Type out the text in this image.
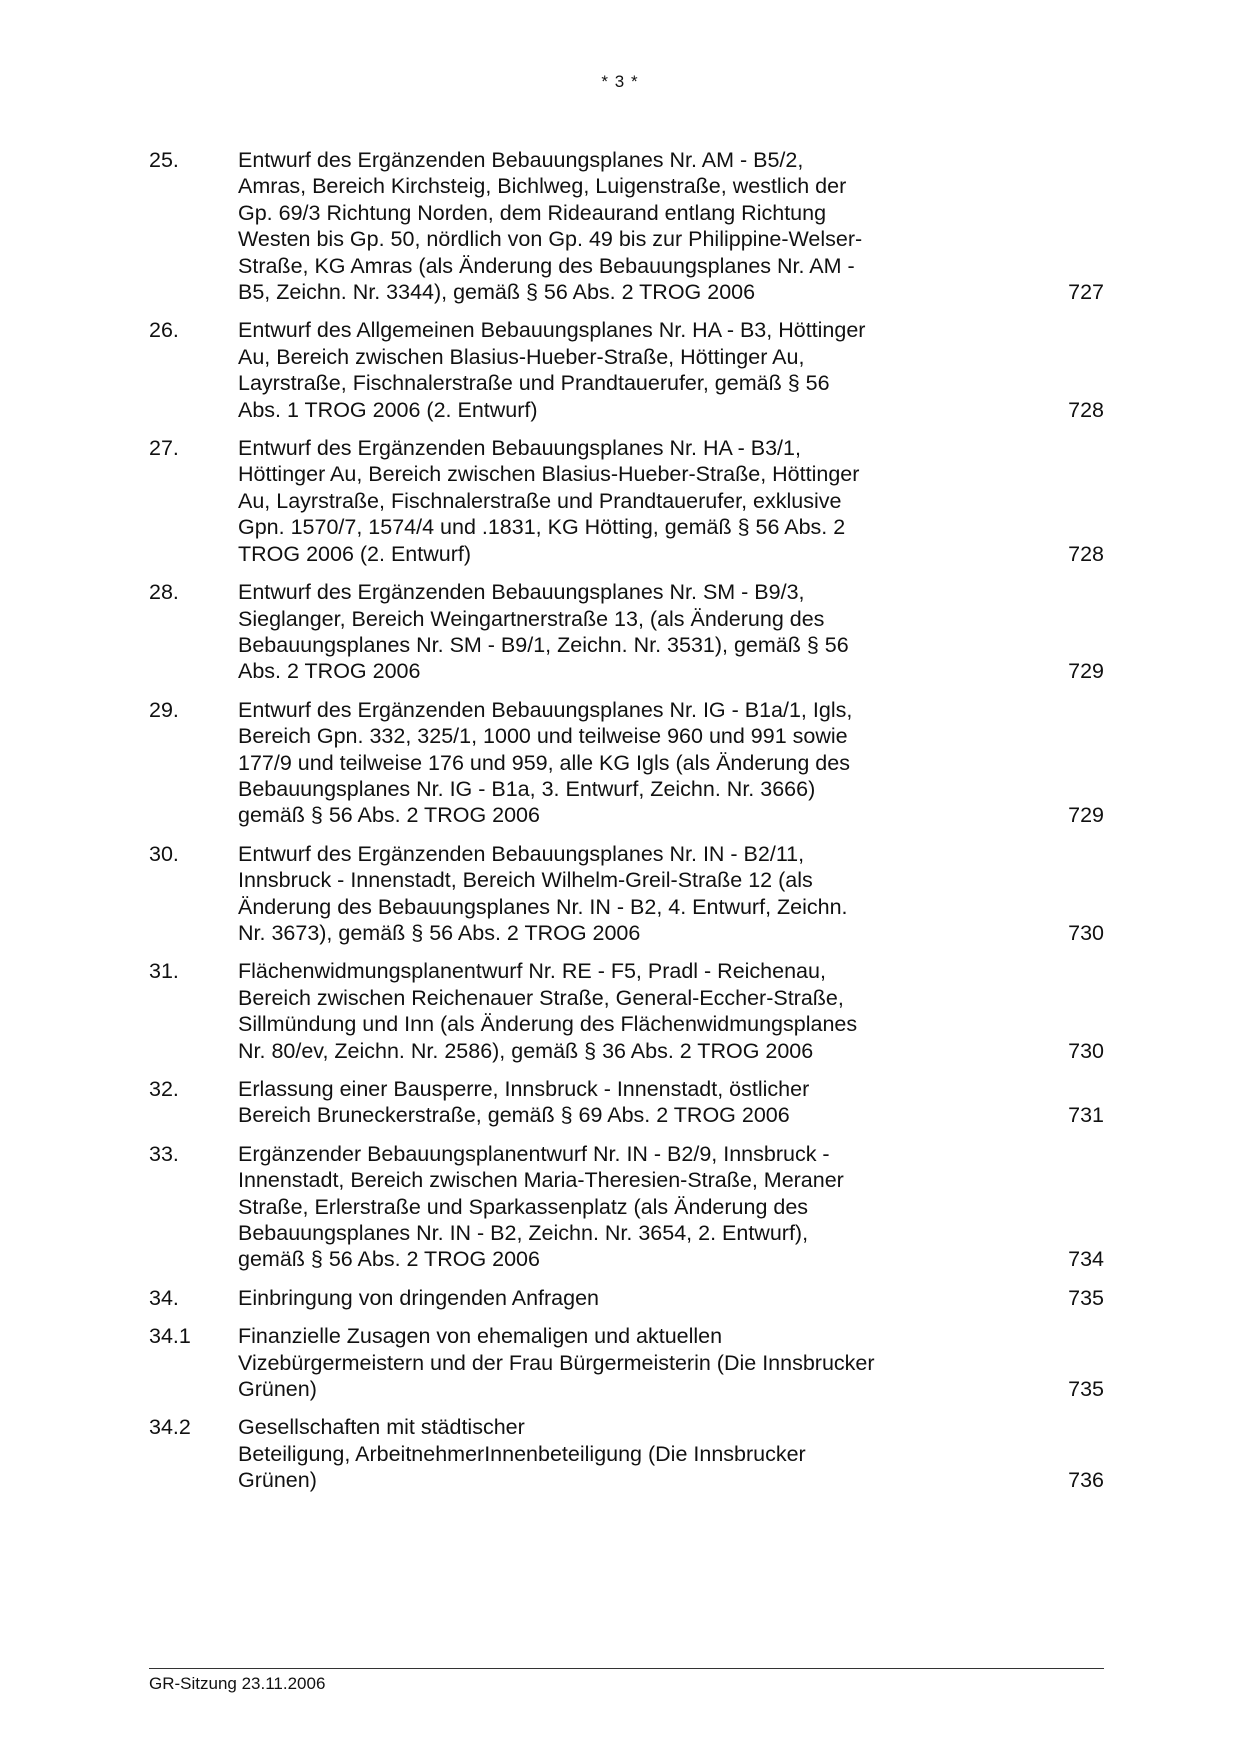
* 3 *
25.	Entwurf des Ergänzenden Bebauungsplanes Nr. AM - B5/2,
Amras, Bereich Kirchsteig, Bichlweg, Luigenstraße, westlich der
Gp. 69/3 Richtung Norden, dem Rideaurand entlang Richtung
Westen bis Gp. 50, nördlich von Gp. 49 bis zur Philippine-Welser-
Straße, KG Amras (als Änderung des Bebauungsplanes Nr. AM -
B5, Zeichn. Nr. 3344), gemäß § 56 Abs. 2 TROG 2006	727
26.	Entwurf des Allgemeinen Bebauungsplanes Nr. HA - B3, Höttinger
Au, Bereich zwischen Blasius-Hueber-Straße, Höttinger Au,
Layrstraße, Fischnalerstraße und Prandtauerufer, gemäß § 56
Abs. 1 TROG 2006 (2. Entwurf)	728
27.	Entwurf des Ergänzenden Bebauungsplanes Nr. HA - B3/1,
Höttinger Au, Bereich zwischen Blasius-Hueber-Straße, Höttinger
Au, Layrstraße, Fischnalerstraße und Prandtauerufer, exklusive
Gpn. 1570/7, 1574/4 und .1831, KG Hötting, gemäß § 56 Abs. 2
TROG 2006 (2. Entwurf)	728
28.	Entwurf des Ergänzenden Bebauungsplanes Nr. SM - B9/3,
Sieglanger, Bereich Weingartnerstraße 13, (als Änderung des
Bebauungsplanes Nr. SM - B9/1, Zeichn. Nr. 3531), gemäß § 56
Abs. 2 TROG 2006	729
29.	Entwurf des Ergänzenden Bebauungsplanes Nr. IG - B1a/1, Igls,
Bereich Gpn. 332, 325/1, 1000 und teilweise 960 und 991 sowie
177/9 und teilweise 176 und 959, alle KG Igls (als Änderung des
Bebauungsplanes Nr. IG - B1a, 3. Entwurf, Zeichn. Nr. 3666)
gemäß § 56 Abs. 2 TROG 2006	729
30.	Entwurf des Ergänzenden Bebauungsplanes Nr. IN - B2/11,
Innsbruck - Innenstadt, Bereich Wilhelm-Greil-Straße 12 (als
Änderung des Bebauungsplanes Nr. IN - B2, 4. Entwurf, Zeichn.
Nr. 3673), gemäß § 56 Abs. 2 TROG 2006	730
31.	Flächenwidmungsplanentwurf Nr. RE - F5, Pradl - Reichenau,
Bereich zwischen Reichenauer Straße, General-Eccher-Straße,
Sillmündung und Inn (als Änderung des Flächenwidmungsplanes
Nr. 80/ev, Zeichn. Nr. 2586), gemäß § 36 Abs. 2 TROG 2006	730
32.	Erlassung einer Bausperre, Innsbruck - Innenstadt, östlicher
Bereich Bruneckerstraße, gemäß § 69 Abs. 2 TROG 2006	731
33.	Ergänzender Bebauungsplanentwurf Nr. IN - B2/9, Innsbruck -
Innenstadt, Bereich zwischen Maria-Theresien-Straße, Meraner
Straße, Erlerstraße und Sparkassenplatz (als Änderung des
Bebauungsplanes Nr. IN - B2, Zeichn. Nr. 3654, 2. Entwurf),
gemäß § 56 Abs. 2 TROG 2006	734
34.	Einbringung von dringenden Anfragen	735
34.1	Finanzielle Zusagen von ehemaligen und aktuellen
Vizebürgermeistern und der Frau Bürgermeisterin (Die Innsbrucker
Grünen)	735
34.2	Gesellschaften mit städtischer
Beteiligung, ArbeitnehmerInnenbeteiligung (Die Innsbrucker
Grünen)	736
GR-Sitzung 23.11.2006
